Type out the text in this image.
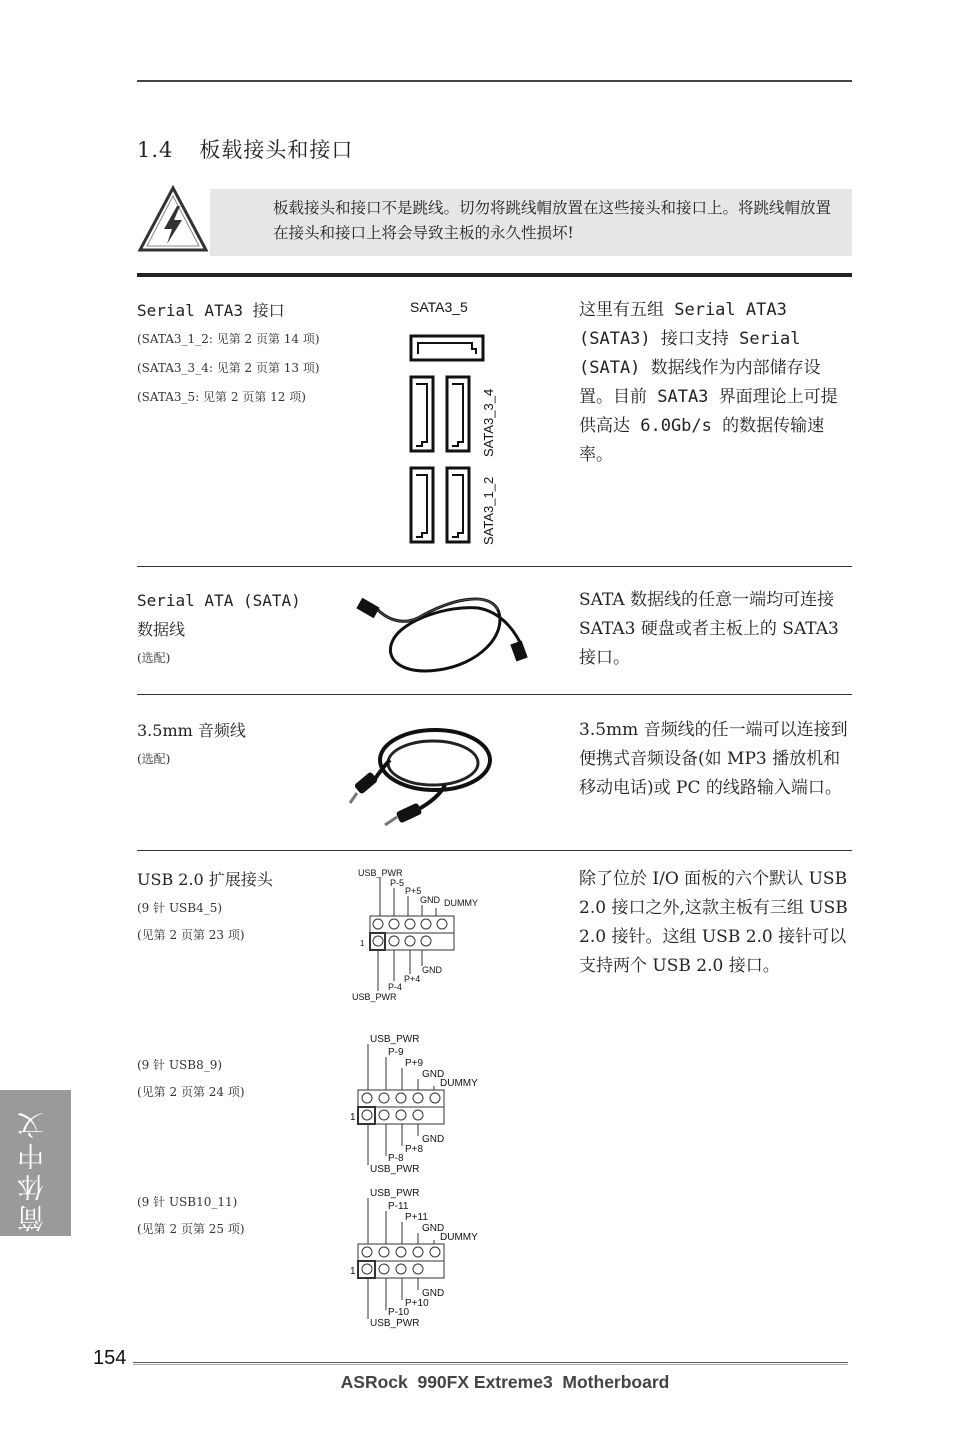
1.4 板载接头和接口
板载接头和接口不是跳线。切勿将跳线帽放置在这些接头和接口上。将跳线帽放置在接头和接口上将会导致主板的永久性损坏!
Serial ATA3 接口
(SATA3_1_2: 见第 2 页第 14 项)
(SATA3_3_4: 见第 2 页第 13 项)
(SATA3_5: 见第 2 页第 12 项)
SATA3_5
SATA3_3_4
SATA3_1_2
这里有五组 Serial ATA3 (SATA3) 接口支持 Serial (SATA) 数据线作为内部储存设置。目前 SATA3 界面理论上可提供高达 6.0Gb/s 的数据传输速率。
Serial ATA (SATA)
数据线
(选配)
SATA 数据线的任意一端均可连接 SATA3 硬盘或者主板上的 SATA3 接口。
3.5mm 音频线
(选配)
3.5mm 音频线的任一端可以连接到便携式音频设备(如 MP3 播放机和移动电话)或 PC 的线路输入端口。
USB 2.0 扩展接头
(9 针 USB4_5)
(见第 2 页第 23 项)
除了位於 I/O 面板的六个默认 USB 2.0 接口之外,这款主板有三组 USB 2.0 接针。这组 USB 2.0 接针可以支持两个 USB 2.0 接口。
USB_PWR
P-5
P+5
GND DUMMY
1
GND
P+4
P-4
USB_PWR
(9 针 USB8_9)
(见第 2 页第 24 项)
USB_PWR
P-9
P+9
GND
DUMMY
1
GND
P+8
P-8
USB_PWR
(9 针 USB10_11)
(见第 2 页第 25 项)
USB_PWR
P-11
P+11
GND
DUMMY
1
GND
P+10
P-10
USB_PWR
简体中文
154
ASRock  990FX Extreme3  Motherboard
